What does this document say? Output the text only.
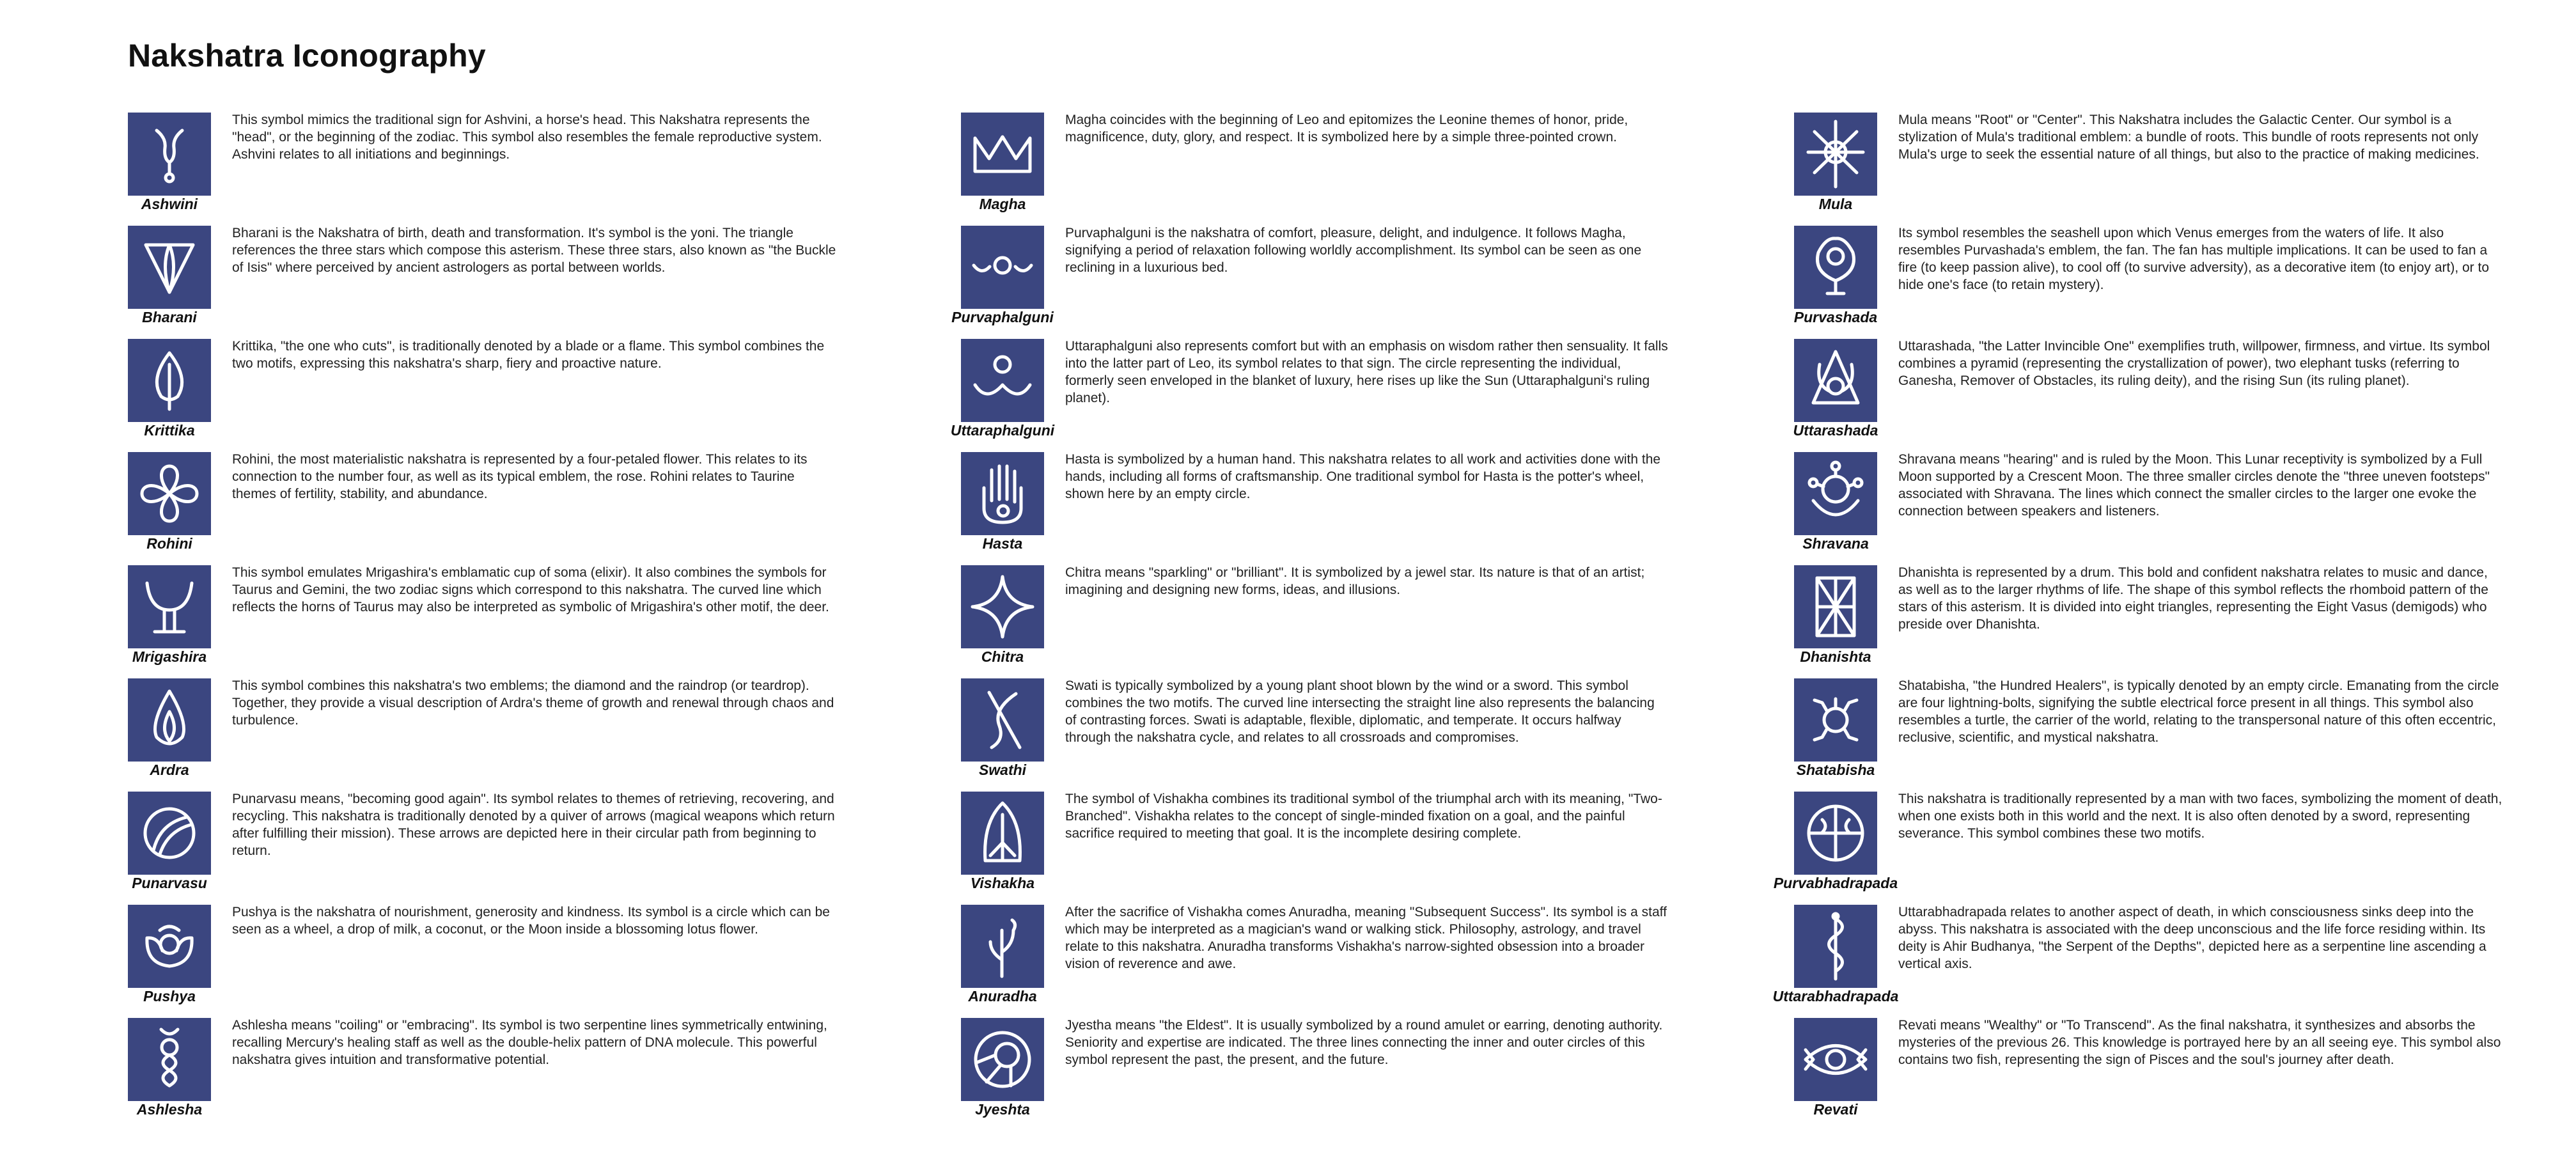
Nakshatra Iconography
Ashwini

This symbol mimics the traditional sign for Ashvini, a horse's head. This Nakshatra represents the "head", or the beginning of the zodiac. This symbol also resembles the female reproductive system. Ashvini relates to all initiations and beginnings.

Bharani

Bharani is the Nakshatra of birth, death and transformation. It's symbol is the yoni. The triangle references the three stars which compose this asterism. These three stars, also known as "the Buckle of Isis" where perceived by ancient astrologers as portal between worlds.

Krittika

Krittika, "the one who cuts", is traditionally denoted by a blade or a flame. This symbol combines the two motifs, expressing this nakshatra's sharp, fiery and proactive nature.

Rohini

Rohini, the most materialistic nakshatra is represented by a four-petaled flower. This relates to its connection to the number four, as well as its typical emblem, the rose. Rohini relates to Taurine themes of fertility, stability, and abundance.

Mrigashira

This symbol emulates Mrigashira's emblamatic cup of soma (elixir). It also combines the symbols for Taurus and Gemini, the two zodiac signs which correspond to this nakshatra. The curved line which reflects the horns of Taurus may also be interpreted as symbolic of Mrigashira's other motif, the deer.

Ardra

This symbol combines this nakshatra's two emblems; the diamond and the raindrop (or teardrop). Together, they provide a visual description of Ardra's theme of growth and renewal through chaos and turbulence.

Punarvasu

Punarvasu means, "becoming good again". Its symbol relates to themes of retrieving, recovering, and recycling. This nakshatra is traditionally denoted by a quiver of arrows (magical weapons which return after fulfilling their mission). These arrows are depicted here in their circular path from beginning to return.

Pushya

Pushya is the nakshatra of nourishment, generosity and kindness. Its symbol is a circle which can be seen as a wheel, a drop of milk, a coconut, or the Moon inside a blossoming lotus flower.

Ashlesha

Ashlesha means "coiling" or "embracing". Its symbol is two serpentine lines symmetrically entwining, recalling Mercury's healing staff as well as the double-helix pattern of DNA molecule. This powerful nakshatra gives intuition and transformative potential.

Magha

Magha coincides with the beginning of Leo and epitomizes the Leonine themes of honor, pride, magnificence, duty, glory, and respect. It is symbolized here by a simple three-pointed crown.

Purvaphalguni

Purvaphalguni is the nakshatra of comfort, pleasure, delight, and indulgence. It follows Magha, signifying a period of relaxation following worldly accomplishment. Its symbol can be seen as one reclining in a luxurious bed.

Uttaraphalguni

Uttaraphalguni also represents comfort but with an emphasis on wisdom rather then sensuality. It falls into the latter part of Leo, its symbol relates to that sign. The circle representing the individual, formerly seen enveloped in the blanket of luxury, here rises up like the Sun (Uttaraphalguni's ruling planet).

Hasta

Hasta is symbolized by a human hand. This nakshatra relates to all work and activities done with the hands, including all forms of craftsmanship. One traditional symbol for Hasta is the potter's wheel, shown here by an empty circle.

Chitra

Chitra means "sparkling" or "brilliant". It is symbolized by a jewel star. Its nature is that of an artist; imagining and designing new forms, ideas, and illusions.

Swathi

Swati is typically symbolized by a young plant shoot blown by the wind or a sword. This symbol combines the two motifs. The curved line intersecting the straight line also represents the balancing of contrasting forces. Swati is adaptable, flexible, diplomatic, and temperate. It occurs halfway through the nakshatra cycle, and relates to all crossroads and compromises.

Vishakha

The symbol of Vishakha combines its traditional symbol of the triumphal arch with its meaning, "Two-Branched". Vishakha relates to the concept of single-minded fixation on a goal, and the painful sacrifice required to meeting that goal. It is the incomplete desiring complete.

Anuradha

After the sacrifice of Vishakha comes Anuradha, meaning "Subsequent Success". Its symbol is a staff which may be interpreted as a magician's wand or walking stick. Philosophy, astrology, and travel relate to this nakshatra. Anuradha transforms Vishakha's narrow-sighted obsession into a broader vision of reverence and awe.

Jyeshta

Jyestha means "the Eldest". It is usually symbolized by a round amulet or earring, denoting authority. Seniority and expertise are indicated. The three lines connecting the inner and outer circles of this symbol represent the past, the present, and the future.

Mula

Mula means "Root" or "Center". This Nakshatra includes the Galactic Center. Our symbol is a stylization of Mula's traditional emblem: a bundle of roots. This bundle of roots represents not only Mula's urge to seek the essential nature of all things, but also to the practice of making medicines.

Purvashada

Its symbol resembles the seashell upon which Venus emerges from the waters of life. It also resembles Purvashada's emblem, the fan. The fan has multiple implications. It can be used to fan a fire (to keep passion alive), to cool off (to survive adversity), as a decorative item (to enjoy art), or to hide one's face (to retain mystery).

Uttarashada

Uttarashada, "the Latter Invincible One" exemplifies truth, willpower, firmness, and virtue. Its symbol combines a pyramid (representing the crystallization of power), two elephant tusks (referring to Ganesha, Remover of Obstacles, its ruling deity), and the rising Sun (its ruling planet).

Shravana

Shravana means "hearing" and is ruled by the Moon. This Lunar receptivity is symbolized by a Full Moon supported by a Crescent Moon. The three smaller circles denote the "three uneven footsteps" associated with Shravana. The lines which connect the smaller circles to the larger one evoke the connection between speakers and listeners.

Dhanishta

Dhanishta is represented by a drum. This bold and confident nakshatra relates to music and dance, as well as to the larger rhythms of life. The shape of this symbol reflects the rhomboid pattern of the stars of this asterism. It is divided into eight triangles, representing the Eight Vasus (demigods) who preside over Dhanishta.

Shatabisha

Shatabisha, "the Hundred Healers", is typically denoted by an empty circle. Emanating from the circle are four lightning-bolts, signifying the subtle electrical force present in all things. This symbol also resembles a turtle, the carrier of the world, relating to the transpersonal nature of this often eccentric, reclusive, scientific, and mystical nakshatra.

Purvabhadrapada

This nakshatra is traditionally represented by a man with two faces, symbolizing the moment of death, when one exists both in this world and the next. It is also often denoted by a sword, representing severance. This symbol combines these two motifs.

Uttarabhadrapada

Uttarabhadrapada relates to another aspect of death, in which consciousness sinks deep into the abyss. This nakshatra is associated with the deep unconscious and the life force residing within. Its deity is Ahir Budhanya, "the Serpent of the Depths", depicted here as a serpentine line ascending a vertical axis.

Revati

Revati means "Wealthy" or "To Transcend". As the final nakshatra, it synthesizes and absorbs the mysteries of the previous 26. This knowledge is portrayed here by an all seeing eye. This symbol also contains two fish, representing the sign of Pisces and the soul's journey after death.
